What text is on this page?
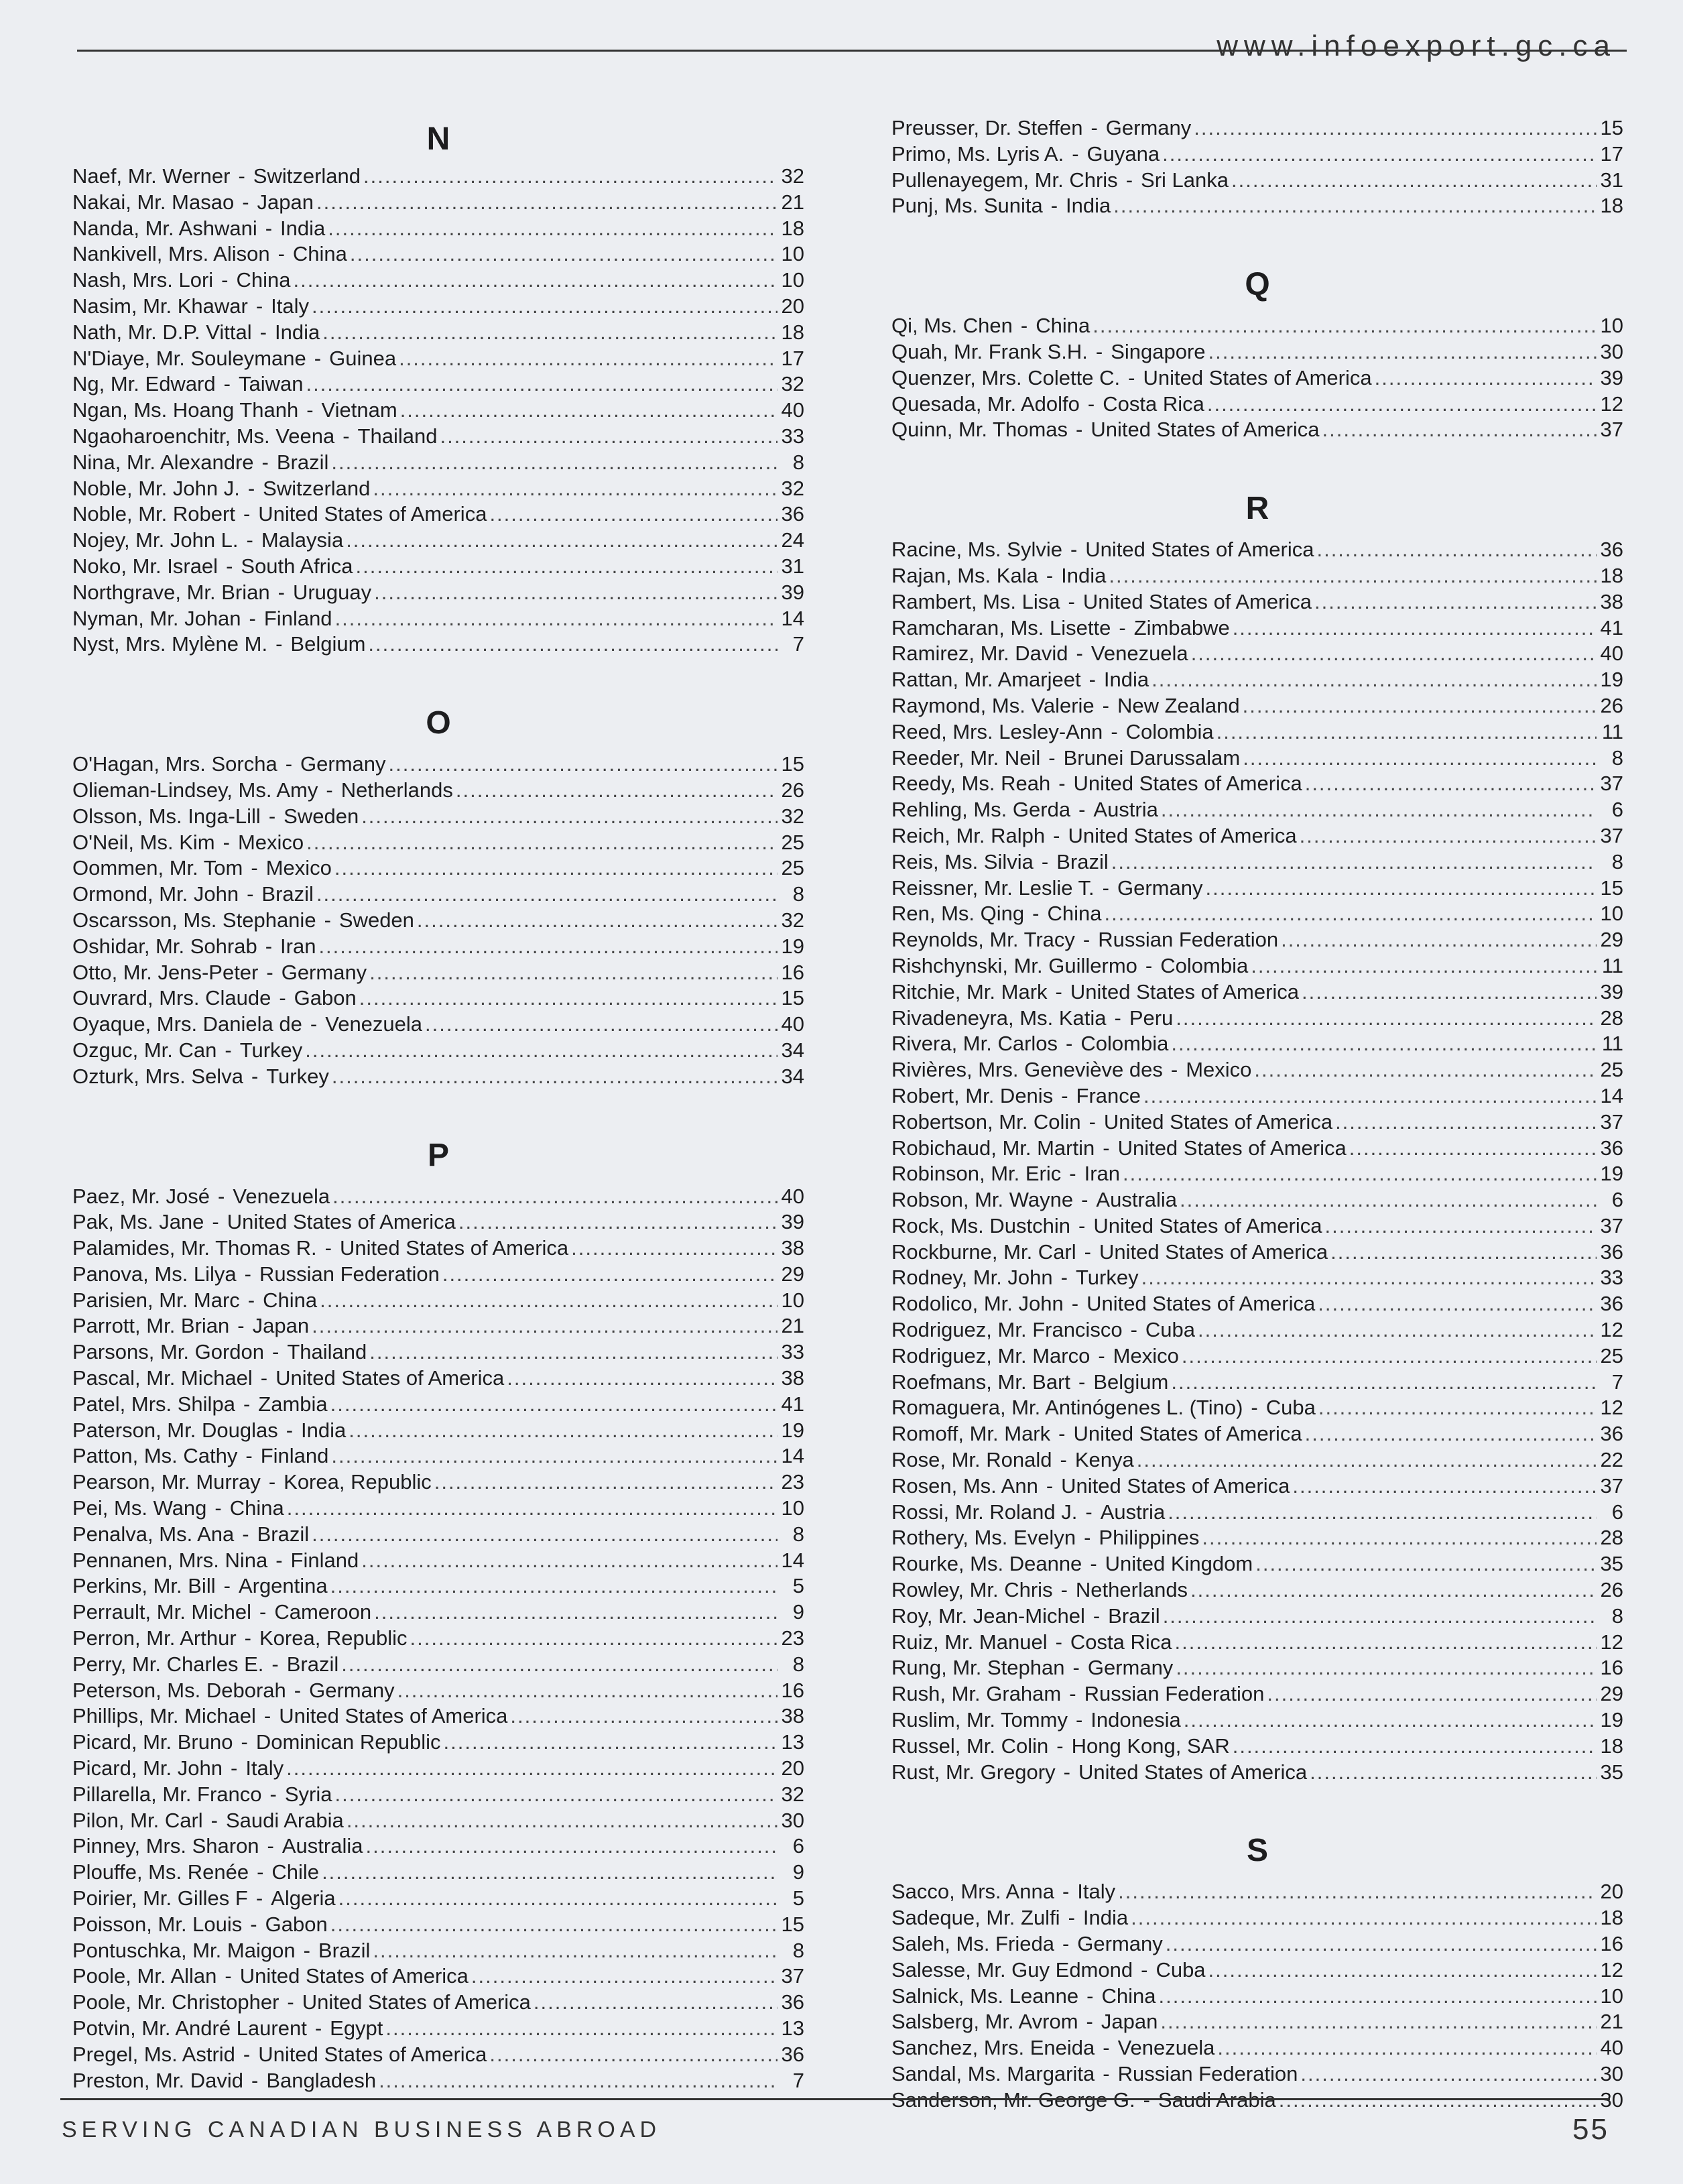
www.infoexport.gc.ca
N
Naef, Mr. Werner - Switzerland .....	32
Nakai, Mr. Masao - Japan .....	21
Nanda, Mr. Ashwani - India .....	18
Nankivell, Mrs. Alison - China .....	10
Nash, Mrs. Lori - China .....	10
Nasim, Mr. Khawar - Italy .....	20
Nath, Mr. D.P. Vittal - India .....	18
N'Diaye, Mr. Souleymane - Guinea .....	17
Ng, Mr. Edward - Taiwan .....	32
Ngan, Ms. Hoang Thanh - Vietnam .....	40
Ngaoharoenchitr, Ms. Veena - Thailand .....	33
Nina, Mr. Alexandre - Brazil .....	8
Noble, Mr. John J. - Switzerland .....	32
Noble, Mr. Robert - United States of America .....	36
Nojey, Mr. John L. - Malaysia .....	24
Noko, Mr. Israel - South Africa .....	31
Northgrave, Mr. Brian - Uruguay .....	39
Nyman, Mr. Johan - Finland .....	14
Nyst, Mrs. Mylène M. - Belgium .....	7
O
O'Hagan, Mrs. Sorcha - Germany .....	15
Olieman-Lindsey, Ms. Amy - Netherlands .....	26
Olsson, Ms. Inga-Lill - Sweden .....	32
O'Neil, Ms. Kim - Mexico .....	25
Oommen, Mr. Tom - Mexico .....	25
Ormond, Mr. John - Brazil .....	8
Oscarsson, Ms. Stephanie - Sweden .....	32
Oshidar, Mr. Sohrab - Iran .....	19
Otto, Mr. Jens-Peter - Germany .....	16
Ouvrard, Mrs. Claude - Gabon .....	15
Oyaque, Mrs. Daniela de - Venezuela .....	40
Ozguc, Mr. Can - Turkey .....	34
Ozturk, Mrs. Selva - Turkey .....	34
P
Paez, Mr. José - Venezuela .....	40
Pak, Ms. Jane - United States of America .....	39
Palamides, Mr. Thomas R. - United States of America .....	38
Panova, Ms. Lilya - Russian Federation .....	29
Parisien, Mr. Marc - China .....	10
Parrott, Mr. Brian - Japan .....	21
Parsons, Mr. Gordon - Thailand .....	33
Pascal, Mr. Michael - United States of America .....	38
Patel, Mrs. Shilpa - Zambia .....	41
Paterson, Mr. Douglas - India .....	19
Patton, Ms. Cathy - Finland .....	14
Pearson, Mr. Murray - Korea, Republic .....	23
Pei, Ms. Wang - China .....	10
Penalva, Ms. Ana - Brazil .....	8
Pennanen, Mrs. Nina - Finland .....	14
Perkins, Mr. Bill - Argentina .....	5
Perrault, Mr. Michel - Cameroon .....	9
Perron, Mr. Arthur - Korea, Republic .....	23
Perry, Mr. Charles E. - Brazil .....	8
Peterson, Ms. Deborah - Germany .....	16
Phillips, Mr. Michael - United States of America .....	38
Picard, Mr. Bruno - Dominican Republic .....	13
Picard, Mr. John - Italy .....	20
Pillarella, Mr. Franco - Syria .....	32
Pilon, Mr. Carl - Saudi Arabia .....	30
Pinney, Mrs. Sharon - Australia .....	6
Plouffe, Ms. Renée - Chile .....	9
Poirier, Mr. Gilles F - Algeria .....	5
Poisson, Mr. Louis - Gabon .....	15
Pontuschka, Mr. Maigon - Brazil .....	8
Poole, Mr. Allan - United States of America .....	37
Poole, Mr. Christopher - United States of America .....	36
Potvin, Mr. André Laurent - Egypt .....	13
Pregel, Ms. Astrid - United States of America .....	36
Preston, Mr. David - Bangladesh .....	7
Preusser, Dr. Steffen - Germany .....	15
Primo, Ms. Lyris A. - Guyana .....	17
Pullenayegem, Mr. Chris - Sri Lanka .....	31
Punj, Ms. Sunita - India .....	18
Q
Qi, Ms. Chen - China .....	10
Quah, Mr. Frank S.H. - Singapore .....	30
Quenzer, Mrs. Colette C. - United States of America .....	39
Quesada, Mr. Adolfo - Costa Rica .....	12
Quinn, Mr. Thomas - United States of America .....	37
R
Racine, Ms. Sylvie - United States of America .....	36
Rajan, Ms. Kala - India .....	18
Rambert, Ms. Lisa - United States of America .....	38
Ramcharan, Ms. Lisette - Zimbabwe .....	41
Ramirez, Mr. David - Venezuela .....	40
Rattan, Mr. Amarjeet - India .....	19
Raymond, Ms. Valerie - New Zealand .....	26
Reed, Mrs. Lesley-Ann - Colombia .....	11
Reeder, Mr. Neil - Brunei Darussalam .....	8
Reedy, Ms. Reah - United States of America .....	37
Rehling, Ms. Gerda - Austria .....	6
Reich, Mr. Ralph - United States of America .....	37
Reis, Ms. Silvia - Brazil .....	8
Reissner, Mr. Leslie T. - Germany .....	15
Ren, Ms. Qing - China .....	10
Reynolds, Mr. Tracy - Russian Federation .....	29
Rishchynski, Mr. Guillermo - Colombia .....	11
Ritchie, Mr. Mark - United States of America .....	39
Rivadeneyra, Ms. Katia - Peru .....	28
Rivera, Mr. Carlos - Colombia .....	11
Rivières, Mrs. Geneviève des - Mexico .....	25
Robert, Mr. Denis - France .....	14
Robertson, Mr. Colin - United States of America .....	37
Robichaud, Mr. Martin - United States of America .....	36
Robinson, Mr. Eric - Iran .....	19
Robson, Mr. Wayne - Australia .....	6
Rock, Ms. Dustchin - United States of America .....	37
Rockburne, Mr. Carl - United States of America .....	36
Rodney, Mr. John - Turkey .....	33
Rodolico, Mr. John - United States of America .....	36
Rodriguez, Mr. Francisco - Cuba .....	12
Rodriguez, Mr. Marco - Mexico .....	25
Roefmans, Mr. Bart - Belgium .....	7
Romaguera, Mr. Antinógenes L. (Tino) - Cuba .....	12
Romoff, Mr. Mark - United States of America .....	36
Rose, Mr. Ronald - Kenya .....	22
Rosen, Ms. Ann - United States of America .....	37
Rossi, Mr. Roland J. - Austria .....	6
Rothery, Ms. Evelyn - Philippines .....	28
Rourke, Ms. Deanne - United Kingdom .....	35
Rowley, Mr. Chris - Netherlands .....	26
Roy, Mr. Jean-Michel - Brazil .....	8
Ruiz, Mr. Manuel - Costa Rica .....	12
Rung, Mr. Stephan - Germany .....	16
Rush, Mr. Graham - Russian Federation .....	29
Ruslim, Mr. Tommy - Indonesia .....	19
Russel, Mr. Colin - Hong Kong, SAR .....	18
Rust, Mr. Gregory - United States of America .....	35
S
Sacco, Mrs. Anna - Italy .....	20
Sadeque, Mr. Zulfi - India .....	18
Saleh, Ms. Frieda - Germany .....	16
Salesse, Mr. Guy Edmond - Cuba .....	12
Salnick, Ms. Leanne - China .....	10
Salsberg, Mr. Avrom - Japan .....	21
Sanchez, Mrs. Eneida - Venezuela .....	40
Sandal, Ms. Margarita - Russian Federation .....	30
Sanderson, Mr. George G. - Saudi Arabia .....	30
SERVING CANADIAN BUSINESS ABROAD	55
